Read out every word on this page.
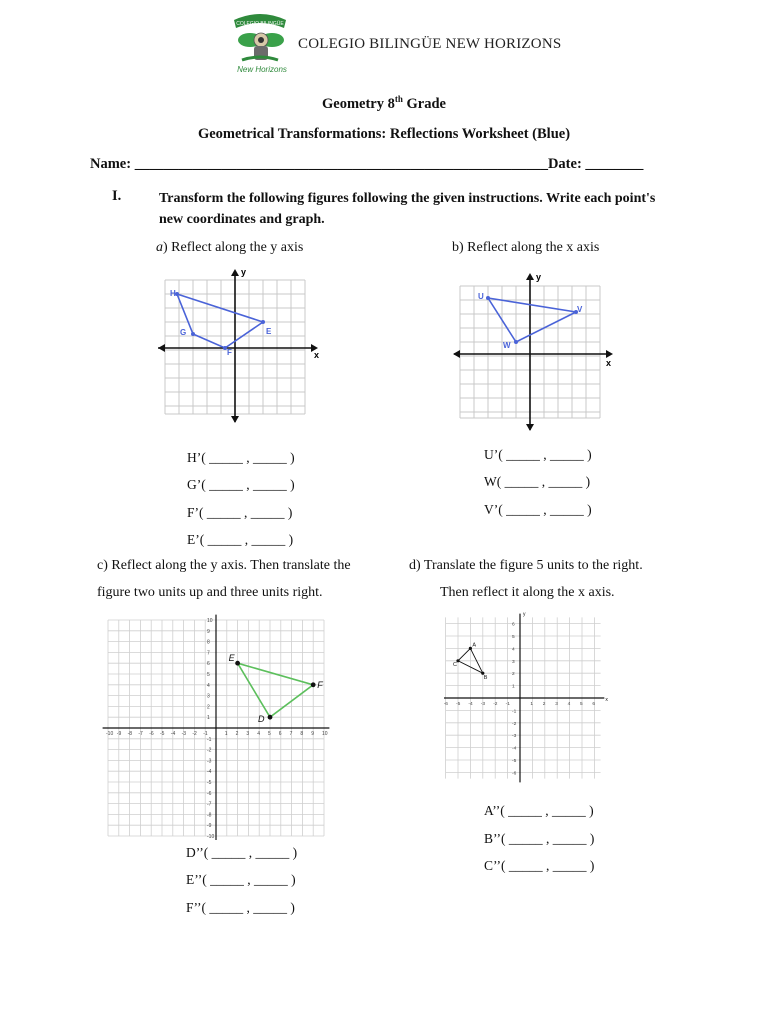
COLEGIO BILINGÜE
New Horizons
COLEGIO BILINGÜE NEW HORIZONS
Geometry 8th Grade
Geometrical Transformations: Reflections Worksheet (Blue)
Name: _________________________________________________________Date: ________
I.	Transform the following figures following the given instructions. Write each point's new coordinates and graph.
a) Reflect along the y axis
x
y
H
G
F
E
H’( _____ , _____ )
G’( _____ , _____ )
F’( _____ , _____ )
E’( _____ , _____ )
b) Reflect along the x axis
x
y
U
V
W
U’( _____ , _____ )
W( _____ , _____ )
V’( _____ , _____ )
c) Reflect along the y axis. Then translate the
figure two units up and three units right.
-10
-10
-9
-9
-8
-8
-7
-7
-6
-6
-5
-5
-4
-4
-3
-3
-2
-2
-1
-1
1
1
2
2
3
3
4
4
5
5
6
6
7
7
8
8
9
9
10
10
E
F
D
D’’( _____ , _____ )
E’’( _____ , _____ )
F’’( _____ , _____ )
d) Translate the figure 5 units to the right.
Then reflect it along the x axis.
x
y
-6
-6
-5
-5
-4
-4
-3
-3
-2
-2
-1
-1
1
1
2
2
3
3
4
4
5
5
6
6
A
B
C
A’’( _____ , _____ )
B’’( _____ , _____ )
C’’( _____ , _____ )
